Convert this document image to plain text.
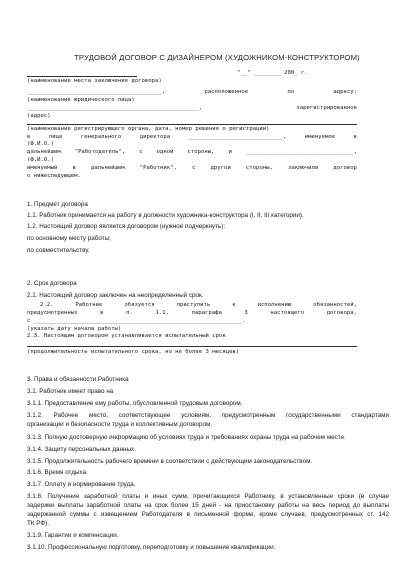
ТРУДОВОЙ ДОГОВОР С ДИЗАЙНЕРОМ (ХУДОЖНИКОМ-КОНСТРУКТОРОМ)
"__" ________ 200_ г.
(наименование места заключения договора)
________________________________________, расположенное по адресу:
(наименование юридического лица)
___________________________________________________, зарегистрированное
(адрес)
(наименование регистрирующего органа, дата, номер решения о регистрации)
в лице генерального директора ____________________________, именуемое в
(Ф.И.О.)
дальнейшем "Работодатель", с одной стороны, и ________________________________,
(Ф.И.О.)
именуемый в дальнейшем "Работник", с другой стороны, заключили договор
о нижеследующем.
1. Предмет договора
1.1. Работник принимается на работу в должности художника-конструктора (I, II, III категории).
1.2. Настоящий договор является договором (нужное подчеркнуть):
по основному месту работы;
по совместительству.
2. Срок договора
2.1. Настоящий договор заключен на неопределенный срок.
2.2. Работник обязуется приступить к исполнению обязанностей,
предусмотренных в п. 1.1, параграфа 3 настоящего договора,
с ______________________________________________________________.
(указать дату начала работы)
2.3. Настоящим договором устанавливается испытательный срок
(продолжительность испытательного срока, но не более 3 месяцев)
3. Права и обязанности Работника
3.1. Работник имеет право на
3.1.1. Предоставление ему работы, обусловленной трудовым договором.
3.1.2. Рабочее место, соответствующее условиям, предусмотренным государственными стандартами
организации и безопасности труда и коллективным договором.
3.1.3. Полную достоверную информацию об условиях труда и требованиях охраны труда на рабочем месте.
3.1.4. Защиту персональных данных.
3.1.5. Продолжительность рабочего времени в соответствии с действующим законодательством.
3.1.6. Время отдыха.
3.1.7. Оплату и нормирование труда.
3.1.8. Получение заработной платы и иных сумм, причитающихся Работнику, в установленные сроки (в случае
задержки выплаты заработной платы на срок более 15 дней - на приостановку работы на весь период до выплаты
задержанной суммы с извещением Работодателя в письменной форме, кроме случаев, предусмотренных ст. 142
ТК РФ).
3.1.9. Гарантии и компенсации.
3.1.10. Профессиональную подготовку, переподготовку и повышение квалификации.
